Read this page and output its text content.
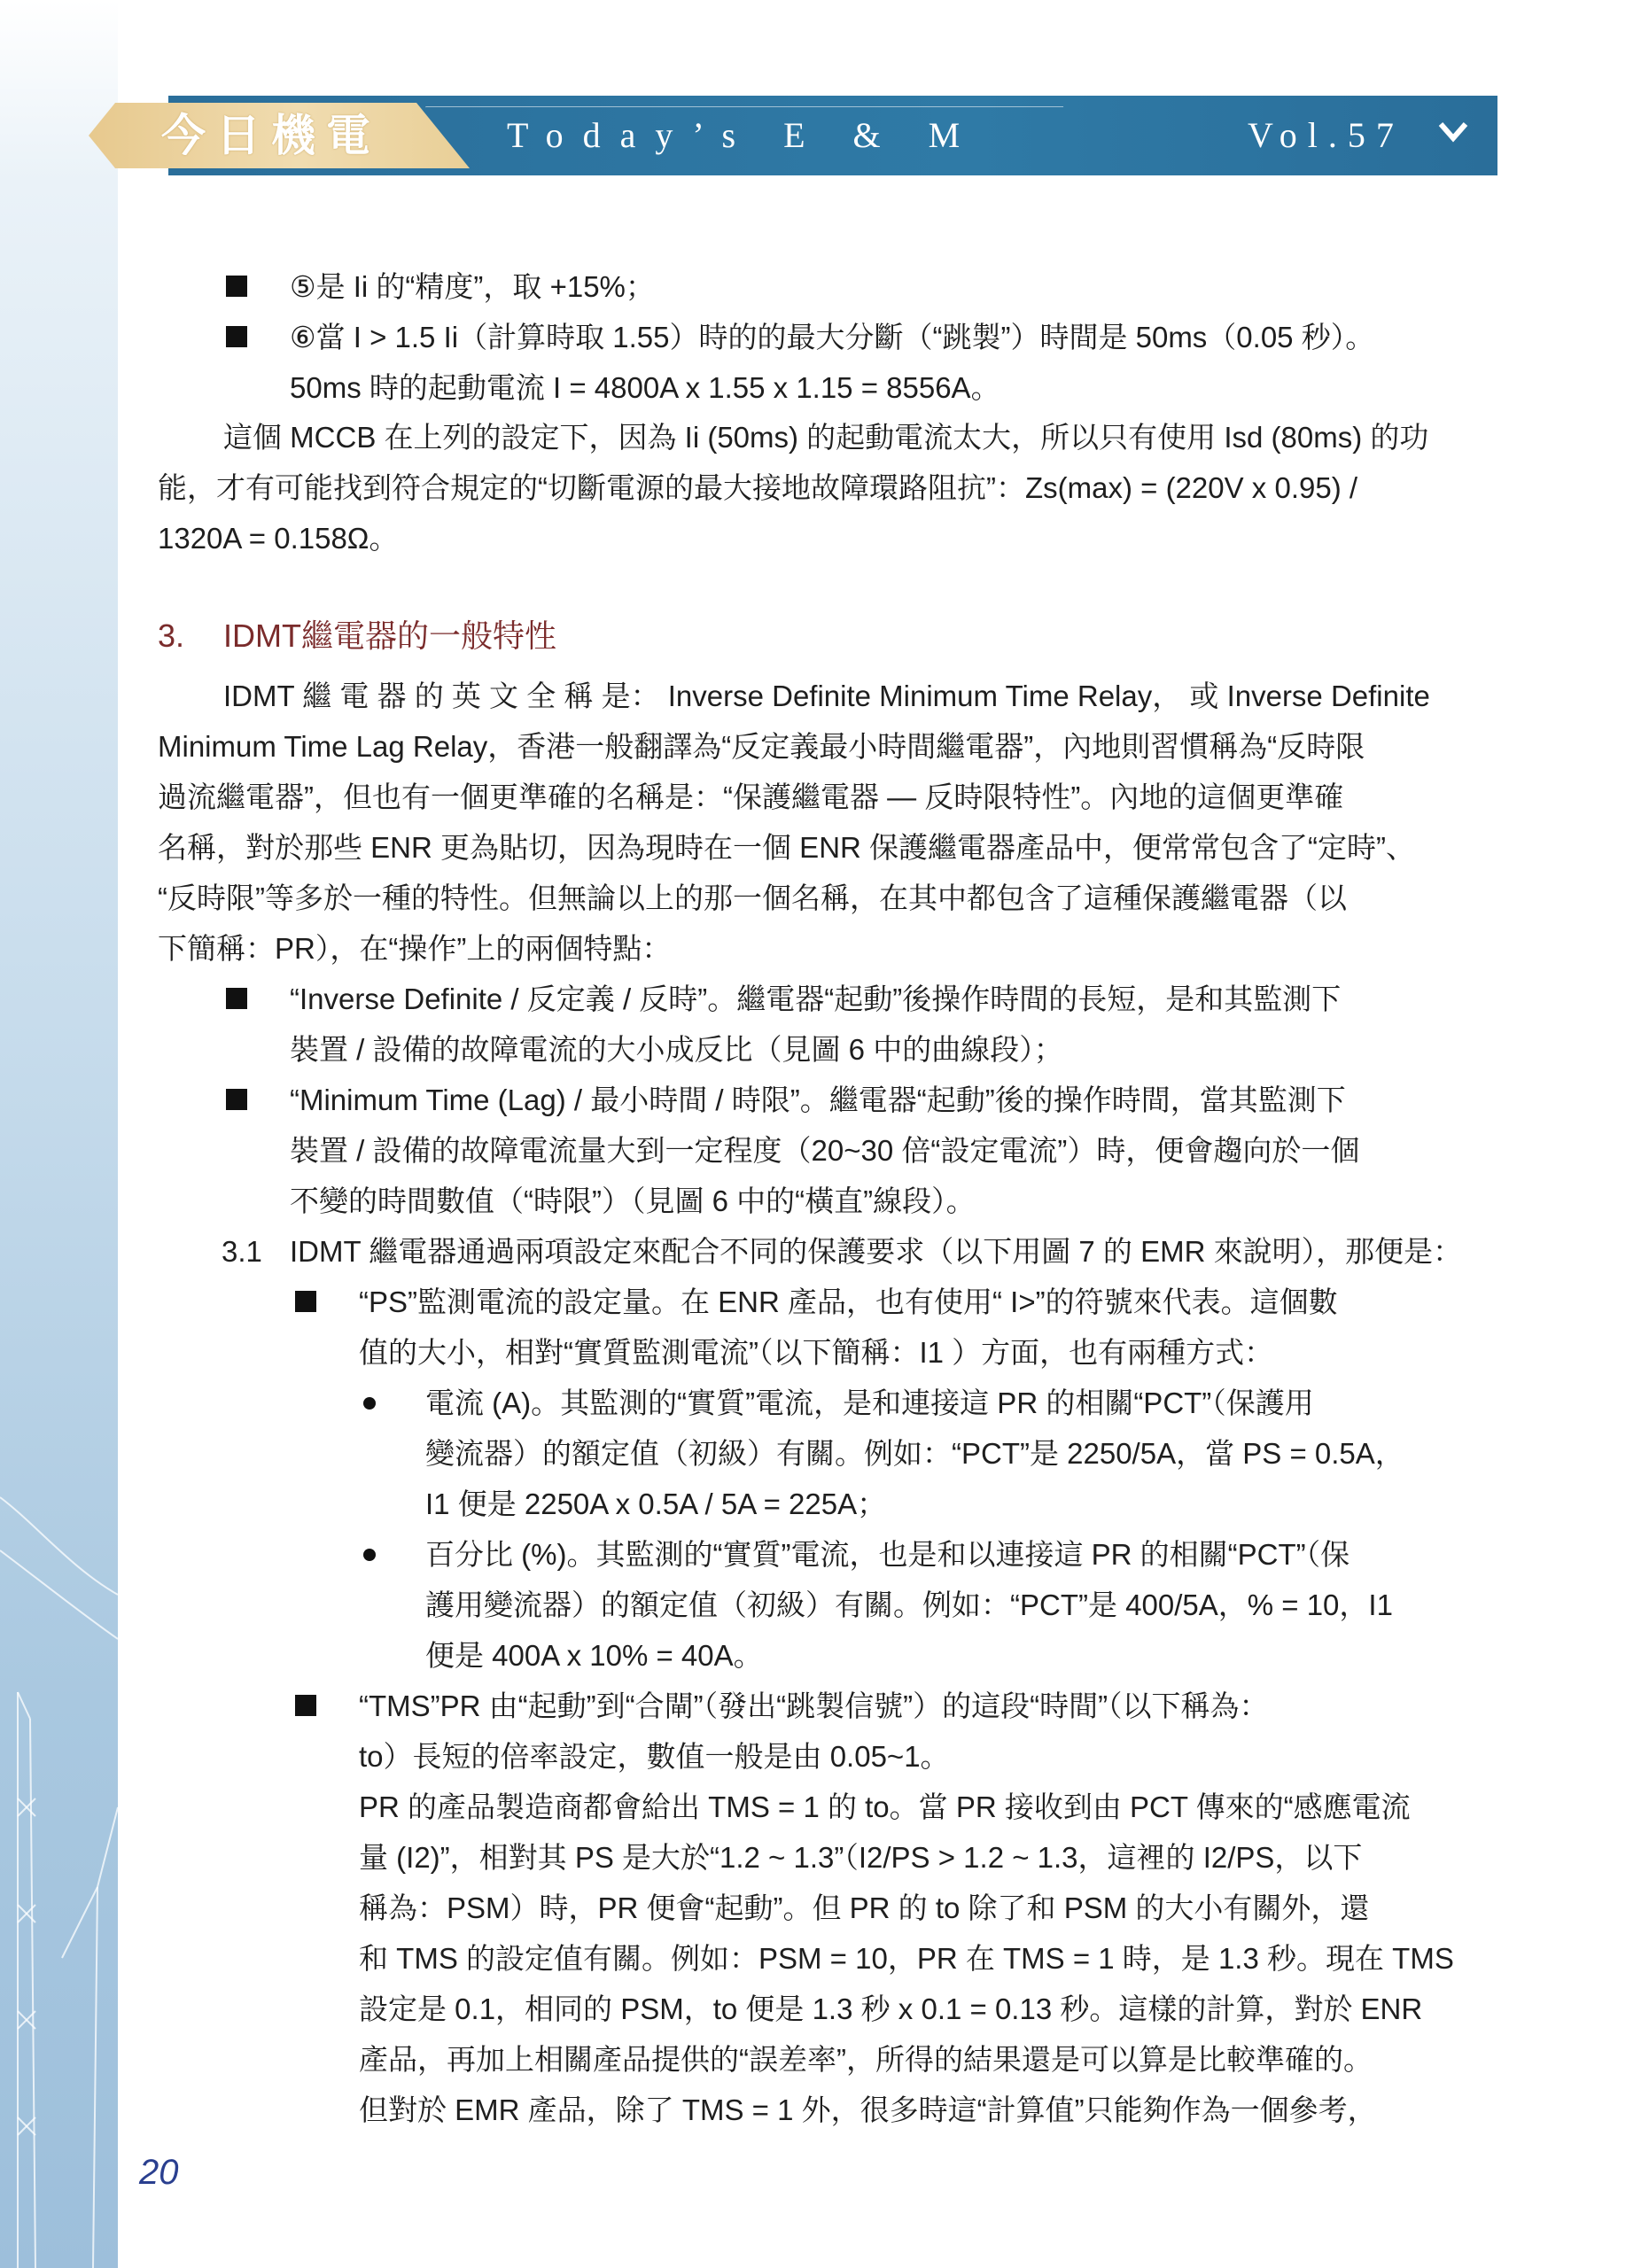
今日機電	Today’s E & M	Vol.57
⑤是 Ii 的“精度”，取 +15%；
⑥當 I > 1.5 Ii（計算時取 1.55）時的的最大分斷（“跳製”）時間是 50ms（0.05 秒）。
50ms 時的起動電流 I = 4800A x 1.55 x 1.15 = 8556A。
這個 MCCB 在上列的設定下，因為 Ii (50ms) 的起動電流太大，所以只有使用 Isd (80ms) 的功
能，才有可能找到符合規定的“切斷電源的最大接地故障環路阻抗”：Zs(max) = (220V x 0.95) /
1320A = 0.158Ω。
3. IDMT繼電器的一般特性
IDMT 繼 電 器 的 英 文 全 稱 是： Inverse Definite Minimum Time Relay， 或 Inverse Definite
Minimum Time Lag Relay，香港一般翻譯為“反定義最小時間繼電器”，內地則習慣稱為“反時限
過流繼電器”，但也有一個更準確的名稱是：“保護繼電器 — 反時限特性”。內地的這個更準確
名稱，對於那些 ENR 更為貼切，因為現時在一個 ENR 保護繼電器產品中，便常常包含了“定時”、
“反時限”等多於一種的特性。但無論以上的那一個名稱，在其中都包含了這種保護繼電器（以
下簡稱：PR），在“操作”上的兩個特點：
“Inverse Definite / 反定義 / 反時”。繼電器“起動”後操作時間的長短，是和其監測下
裝置 / 設備的故障電流的大小成反比（見圖 6 中的曲線段）；
“Minimum Time (Lag) / 最小時間 / 時限”。繼電器“起動”後的操作時間，當其監測下
裝置 / 設備的故障電流量大到一定程度（20~30 倍“設定電流”）時，便會趨向於一個
不變的時間數值（“時限”）（見圖 6 中的“橫直”線段）。
3.1 IDMT 繼電器通過兩項設定來配合不同的保護要求（以下用圖 7 的 EMR 來說明），那便是：
“PS”監測電流的設定量。在 ENR 產品，也有使用“ I>”的符號來代表。這個數
值的大小，相對“實質監測電流”（以下簡稱：I1 ）方面，也有兩種方式：
電流 (A)。其監測的“實質”電流，是和連接這 PR 的相關“PCT”（保護用
變流器）的額定值（初級）有關。例如：“PCT”是 2250/5A，當 PS = 0.5A，
I1 便是 2250A x 0.5A / 5A = 225A；
百分比 (%)。其監測的“實質”電流，也是和以連接這 PR 的相關“PCT”（保
護用變流器）的額定值（初級）有關。例如：“PCT”是 400/5A，% = 10，I1
便是 400A x 10% = 40A。
“TMS”PR 由“起動”到“合閘”（發出“跳製信號”）的這段“時間”（以下稱為：
to）長短的倍率設定，數值一般是由 0.05~1。
PR 的產品製造商都會給出 TMS = 1 的 to。當 PR 接收到由 PCT 傳來的“感應電流
量 (I2)”，相對其 PS 是大於“1.2 ~ 1.3”（I2/PS > 1.2 ~ 1.3，這裡的 I2/PS，以下
稱為：PSM）時，PR 便會“起動”。但 PR 的 to 除了和 PSM 的大小有關外，還
和 TMS 的設定值有關。例如：PSM = 10，PR 在 TMS = 1 時，是 1.3 秒。現在 TMS
設定是 0.1，相同的 PSM，to 便是 1.3 秒 x 0.1 = 0.13 秒。這樣的計算，對於 ENR
產品，再加上相關產品提供的“誤差率”，所得的結果還是可以算是比較準確的。
但對於 EMR 產品，除了 TMS = 1 外，很多時這“計算值”只能夠作為一個參考，
20
